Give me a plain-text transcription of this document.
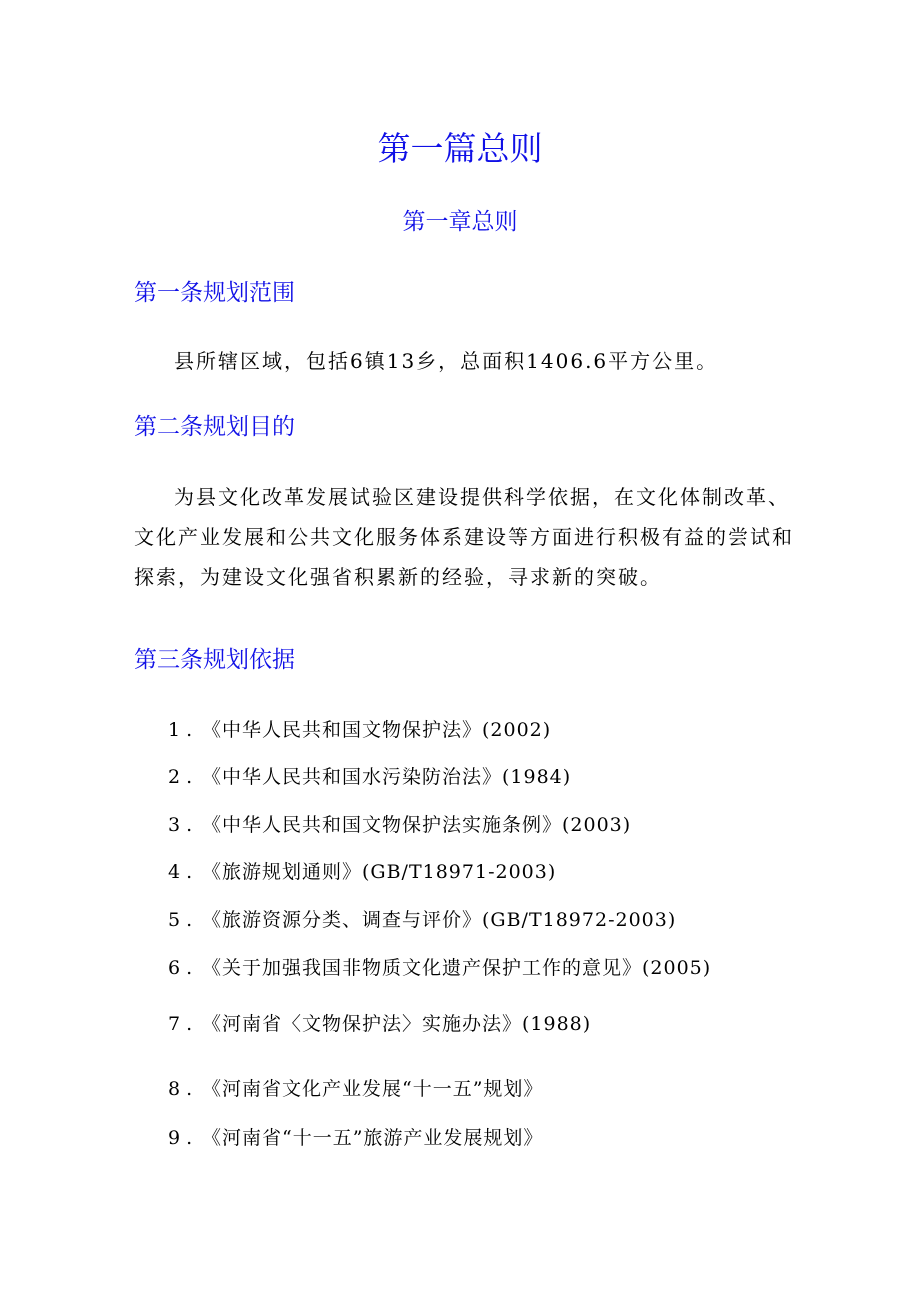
第一篇总则
第一章总则
第一条规划范围
县所辖区域，包括6镇13乡，总面积1406.6平方公里。
第二条规划目的
为县文化改革发展试验区建设提供科学依据，在文化体制改革、文化产业发展和公共文化服务体系建设等方面进行积极有益的尝试和探索，为建设文化强省积累新的经验，寻求新的突破。
第三条规划依据
1 . 《中华人民共和国文物保护法》(2002)
2 . 《中华人民共和国水污染防治法》(1984)
3 . 《中华人民共和国文物保护法实施条例》(2003)
4 . 《旅游规划通则》(GB/T18971-2003)
5 . 《旅游资源分类、调查与评价》(GB/T18972-2003)
6 . 《关于加强我国非物质文化遗产保护工作的意见》(2005)
7 . 《河南省〈文物保护法〉实施办法》(1988)
8 . 《河南省文化产业发展“十一五”规划》
9 . 《河南省“十一五”旅游产业发展规划》
